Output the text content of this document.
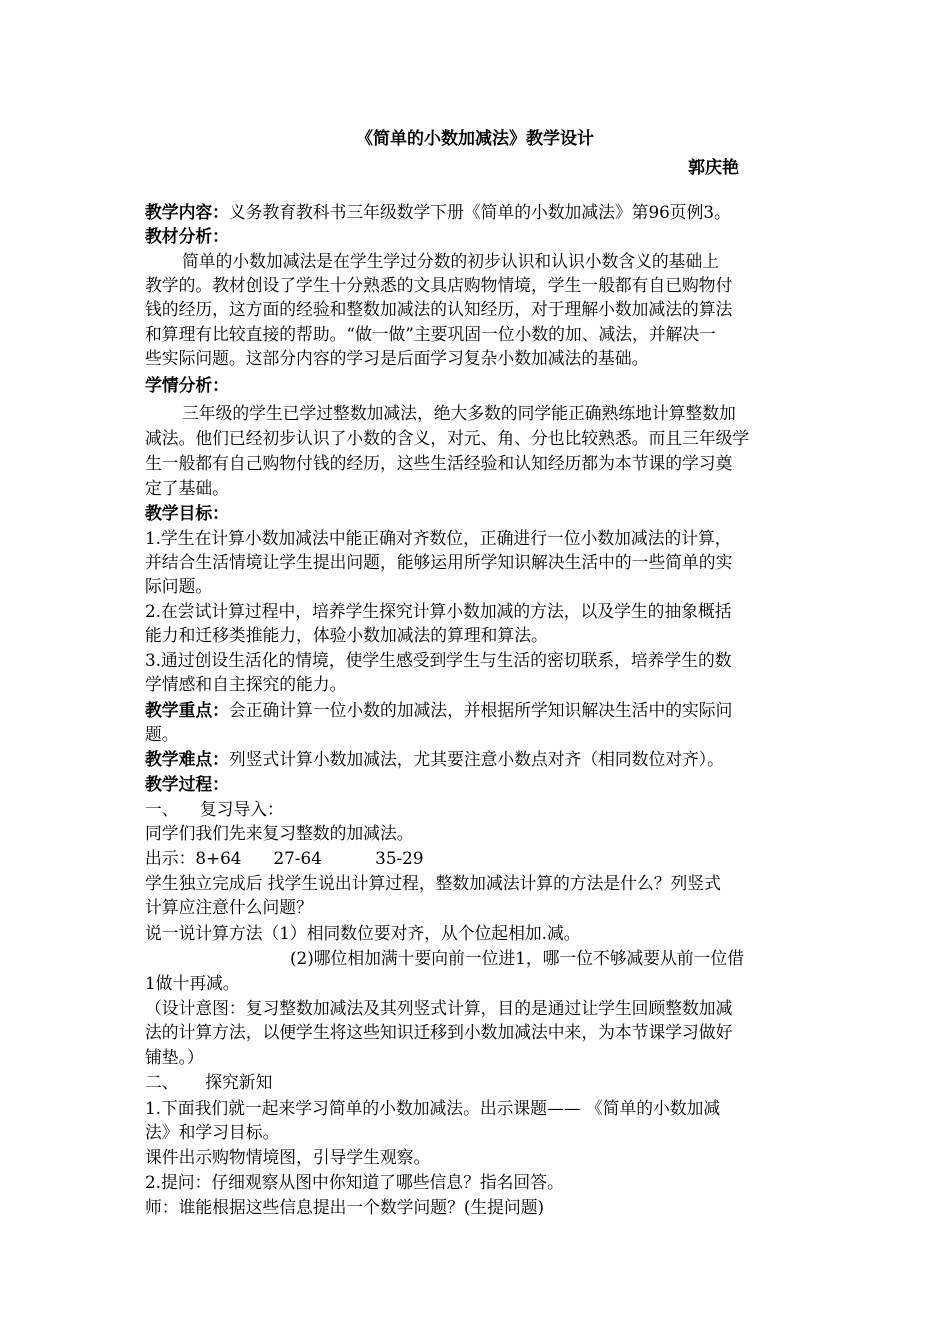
《简单的小数加减法》教学设计
郭庆艳
教学内容：义务教育教科书三年级数学下册《简单的小数加减法》第96页例3。
教材分析：
简单的小数加减法是在学生学过分数的初步认识和认识小数含义的基础上
教学的。教材创设了学生十分熟悉的文具店购物情境，学生一般都有自已购物付
钱的经历，这方面的经验和整数加减法的认知经历，对于理解小数加减法的算法
和算理有比较直接的帮助。“做一做”主要巩固一位小数的加、减法，并解决一
些实际问题。这部分内容的学习是后面学习复杂小数加减法的基础。
学情分析：
三年级的学生已学过整数加减法，绝大多数的同学能正确熟练地计算整数加
减法。他们已经初步认识了小数的含义，对元、角、分也比较熟悉。而且三年级学
生一般都有自己购物付钱的经历，这些生活经验和认知经历都为本节课的学习奠
定了基础。
教学目标：
1.学生在计算小数加减法中能正确对齐数位，正确进行一位小数加减法的计算，
并结合生活情境让学生提出问题，能够运用所学知识解决生活中的一些简单的实
际问题。
2.在尝试计算过程中，培养学生探究计算小数加减的方法，以及学生的抽象概括
能力和迁移类推能力，体验小数加减法的算理和算法。
3.通过创设生活化的情境，使学生感受到学生与生活的密切联系，培养学生的数
学情感和自主探究的能力。
教学重点：会正确计算一位小数的加减法，并根据所学知识解决生活中的实际问
题。
教学难点：列竖式计算小数加减法，尤其要注意小数点对齐（相同数位对齐）。
教学过程：
一、    复习导入：
同学们我们先来复习整数的加减法。
出示：8+64      27-64          35-29
学生独立完成后 找学生说出计算过程，整数加减法计算的方法是什么？列竖式
计算应注意什么问题？
说一说计算方法（1）相同数位要对齐，从个位起相加.减。
(2)哪位相加满十要向前一位进1，哪一位不够减要从前一位借
1做十再减。
（设计意图：复习整数加减法及其列竖式计算，目的是通过让学生回顾整数加减
法的计算方法，以便学生将这些知识迁移到小数加减法中来，为本节课学习做好
铺垫。）
二、     探究新知
1.下面我们就一起来学习简单的小数加减法。出示课题—— 《简单的小数加减
法》和学习目标。
课件出示购物情境图，引导学生观察。
2.提问：仔细观察从图中你知道了哪些信息？指名回答。
师：谁能根据这些信息提出一个数学问题？(生提问题)
